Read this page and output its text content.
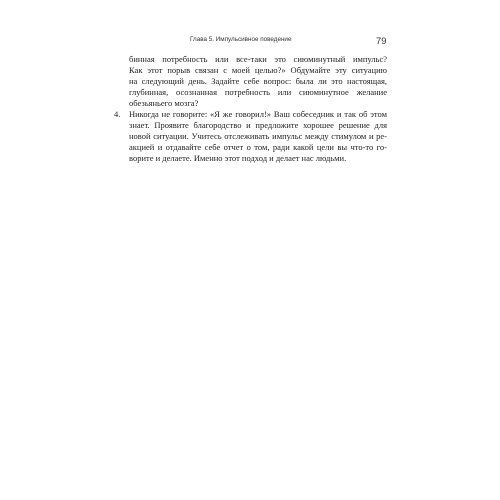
Глава 5. Импульсивное поведение	79
бинная потребность или все-таки это сиюминутный импульс?
Как этот порыв связан с моей целью?» Обдумайте эту ситуацию
на следующий день. Задайте себе вопрос: была ли это настоящая,
глубинная, осознанная потребность или сиюминутное желание
обезьяньего мозга?
4. Никогда не говорите: «Я же говорил!» Ваш собеседник и так об этом
знает. Проявите благородство и предложите хорошее решение для
новой ситуации. Учитесь отслеживать импульс между стимулом и ре-
акцией и отдавайте себе отчет о том, ради какой цели вы что-то го-
ворите и делаете. Именно этот подход и делает нас людьми.
